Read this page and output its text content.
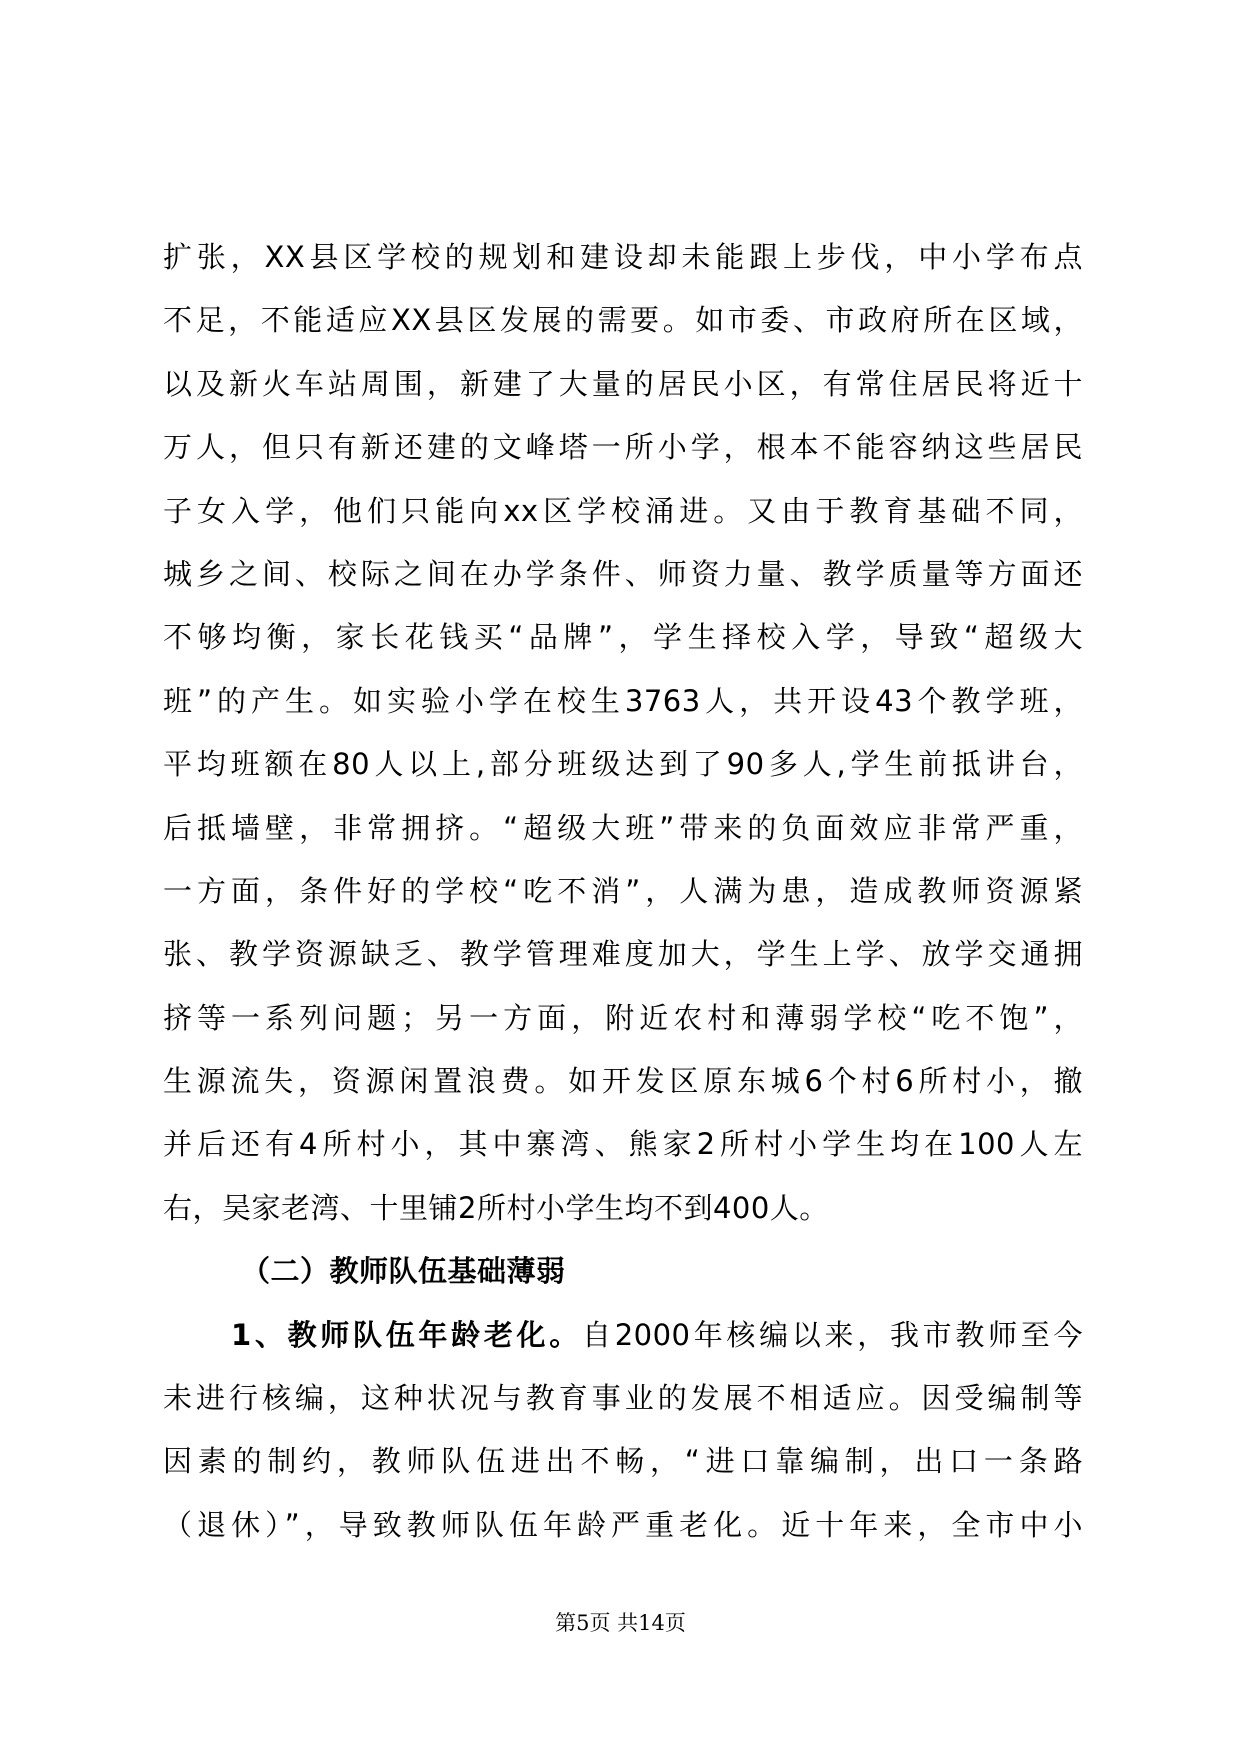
扩张，XX县区学校的规划和建设却未能跟上步伐，中小学布点
不足，不能适应XX县区发展的需要。如市委、市政府所在区域，
以及新火车站周围，新建了大量的居民小区，有常住居民将近十
万人，但只有新还建的文峰塔一所小学，根本不能容纳这些居民
子女入学，他们只能向xx区学校涌进。又由于教育基础不同，
城乡之间、校际之间在办学条件、师资力量、教学质量等方面还
不够均衡，家长花钱买“品牌”，学生择校入学，导致“超级大
班”的产生。如实验小学在校生3763人，共开设43个教学班，
平均班额在80人以上,部分班级达到了90多人,学生前抵讲台，
后抵墙壁，非常拥挤。“超级大班”带来的负面效应非常严重，
一方面，条件好的学校“吃不消”，人满为患，造成教师资源紧
张、教学资源缺乏、教学管理难度加大，学生上学、放学交通拥
挤等一系列问题；另一方面，附近农村和薄弱学校“吃不饱”，
生源流失，资源闲置浪费。如开发区原东城6个村6所村小，撤
并后还有4所村小，其中寨湾、熊家2所村小学生均在100人左
右，吴家老湾、十里铺2所村小学生均不到400人。
（二）教师队伍基础薄弱
1、教师队伍年龄老化。自2000年核编以来，我市教师至今
未进行核编，这种状况与教育事业的发展不相适应。因受编制等
因素的制约，教师队伍进出不畅，“进口靠编制，出口一条路
（退休）”，导致教师队伍年龄严重老化。近十年来，全市中小
第5页 共14页
